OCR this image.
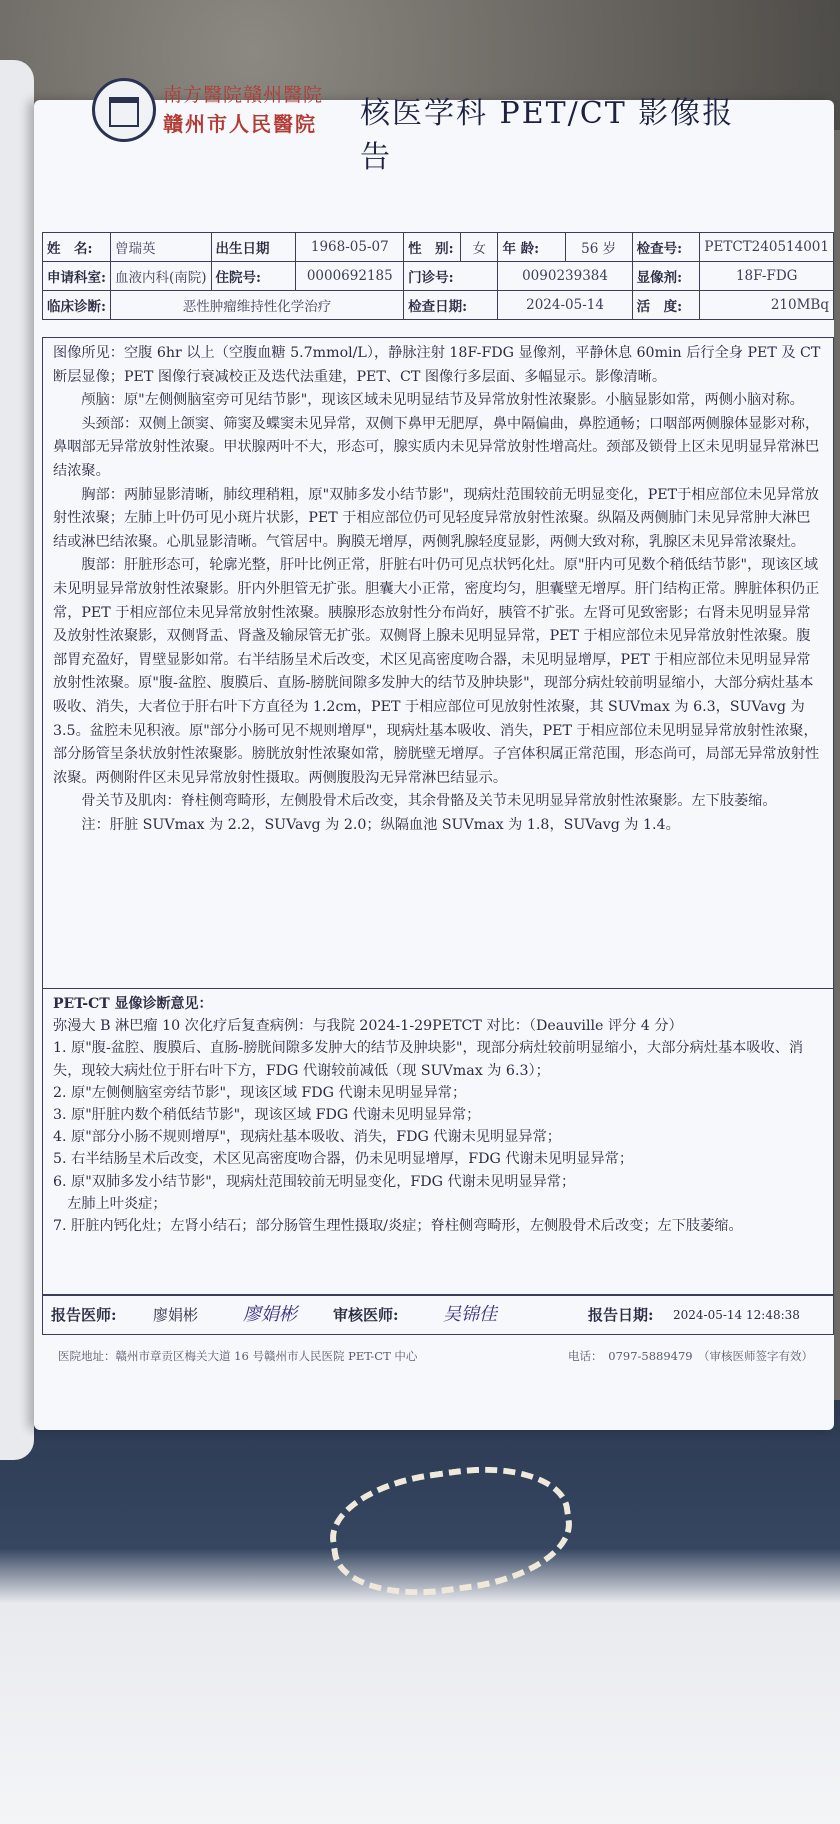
南方醫院贛州醫院
贛州市人民醫院 核医学科 PET/CT 影像报告
姓　名:	曾瑞英	出生日期	1968-05-07	性　别:	女	年 龄:	56 岁	检查号:	PETCT240514001
申请科室:	血液内科(南院)	住院号:	0000692185	门诊号:		0090239384		显像剂:	18F-FDG
临床诊断:	恶性肿瘤维持性化学治疗			检查日期:		2024-05-14		活　度:	210MBq

图像所见：空腹 6hr 以上（空腹血糖 5.7mmol/L），静脉注射 18F-FDG 显像剂，平静休息 60min 后行全身 PET 及 CT 断层显像；PET 图像行衰减校正及迭代法重建，PET、CT 图像行多层面、多幅显示。影像清晰。

颅脑：原"左侧侧脑室旁可见结节影"，现该区域未见明显结节及异常放射性浓聚影。小脑显影如常，两侧小脑对称。

头颈部：双侧上颌窦、筛窦及蝶窦未见异常，双侧下鼻甲无肥厚，鼻中隔偏曲，鼻腔通畅；口咽部两侧腺体显影对称，鼻咽部无异常放射性浓聚。甲状腺两叶不大，形态可，腺实质内未见异常放射性增高灶。颈部及锁骨上区未见明显异常淋巴结浓聚。

胸部：两肺显影清晰，肺纹理稍粗，原"双肺多发小结节影"，现病灶范围较前无明显变化，PET于相应部位未见异常放射性浓聚；左肺上叶仍可见小斑片状影，PET 于相应部位仍可见轻度异常放射性浓聚。纵隔及两侧肺门未见异常肿大淋巴结或淋巴结浓聚。心肌显影清晰。气管居中。胸膜无增厚，两侧乳腺轻度显影，两侧大致对称，乳腺区未见异常浓聚灶。

腹部：肝脏形态可，轮廓光整，肝叶比例正常，肝脏右叶仍可见点状钙化灶。原"肝内可见数个稍低结节影"，现该区域未见明显异常放射性浓聚影。肝内外胆管无扩张。胆囊大小正常，密度均匀，胆囊壁无增厚。肝门结构正常。脾脏体积仍正常，PET 于相应部位未见异常放射性浓聚。胰腺形态放射性分布尚好，胰管不扩张。左肾可见致密影；右肾未见明显异常及放射性浓聚影，双侧肾盂、肾盏及输尿管无扩张。双侧肾上腺未见明显异常，PET 于相应部位未见异常放射性浓聚。腹部胃充盈好，胃壁显影如常。右半结肠呈术后改变，术区见高密度吻合器，未见明显增厚，PET 于相应部位未见明显异常放射性浓聚。原"腹-盆腔、腹膜后、直肠-膀胱间隙多发肿大的结节及肿块影"，现部分病灶较前明显缩小，大部分病灶基本吸收、消失，大者位于肝右叶下方直径为 1.2cm，PET 于相应部位可见放射性浓聚，其 SUVmax 为 6.3，SUVavg 为 3.5。盆腔未见积液。原"部分小肠可见不规则增厚"，现病灶基本吸收、消失，PET 于相应部位未见明显异常放射性浓聚，部分肠管呈条状放射性浓聚影。膀胱放射性浓聚如常，膀胱壁无增厚。子宫体积属正常范围，形态尚可，局部无异常放射性浓聚。两侧附件区未见异常放射性摄取。两侧腹股沟无异常淋巴结显示。

骨关节及肌肉：脊柱侧弯畸形，左侧股骨术后改变，其余骨骼及关节未见明显异常放射性浓聚影。左下肢萎缩。

注：肝脏 SUVmax 为 2.2，SUVavg 为 2.0；纵隔血池 SUVmax 为 1.8，SUVavg 为 1.4。

PET-CT 显像诊断意见：

弥漫大 B 淋巴瘤 10 次化疗后复查病例：与我院 2024-1-29PETCT 对比：（Deauville 评分 4 分）

1. 原"腹-盆腔、腹膜后、直肠-膀胱间隙多发肿大的结节及肿块影"，现部分病灶较前明显缩小，大部分病灶基本吸收、消失，现较大病灶位于肝右叶下方，FDG 代谢较前减低（现 SUVmax 为 6.3）；

2. 原"左侧侧脑室旁结节影"，现该区域 FDG 代谢未见明显异常；

3. 原"肝脏内数个稍低结节影"，现该区域 FDG 代谢未见明显异常；

4. 原"部分小肠不规则增厚"，现病灶基本吸收、消失，FDG 代谢未见明显异常；

5. 右半结肠呈术后改变，术区见高密度吻合器，仍未见明显增厚，FDG 代谢未见明显异常；

6. 原"双肺多发小结节影"，现病灶范围较前无明显变化，FDG 代谢未见明显异常；

　左肺上叶炎症；

7. 肝脏内钙化灶；左肾小结石；部分肠管生理性摄取/炎症；脊柱侧弯畸形，左侧股骨术后改变；左下肢萎缩。

报告医师: 廖娟彬 廖娟彬 审核医师: 吴锦佳	报告日期: 2024-05-14 12:48:38
医院地址：赣州市章贡区梅关大道 16 号赣州市人民医院 PET-CT 中心	电话：　0797-5889479 （审核医师签字有效）
